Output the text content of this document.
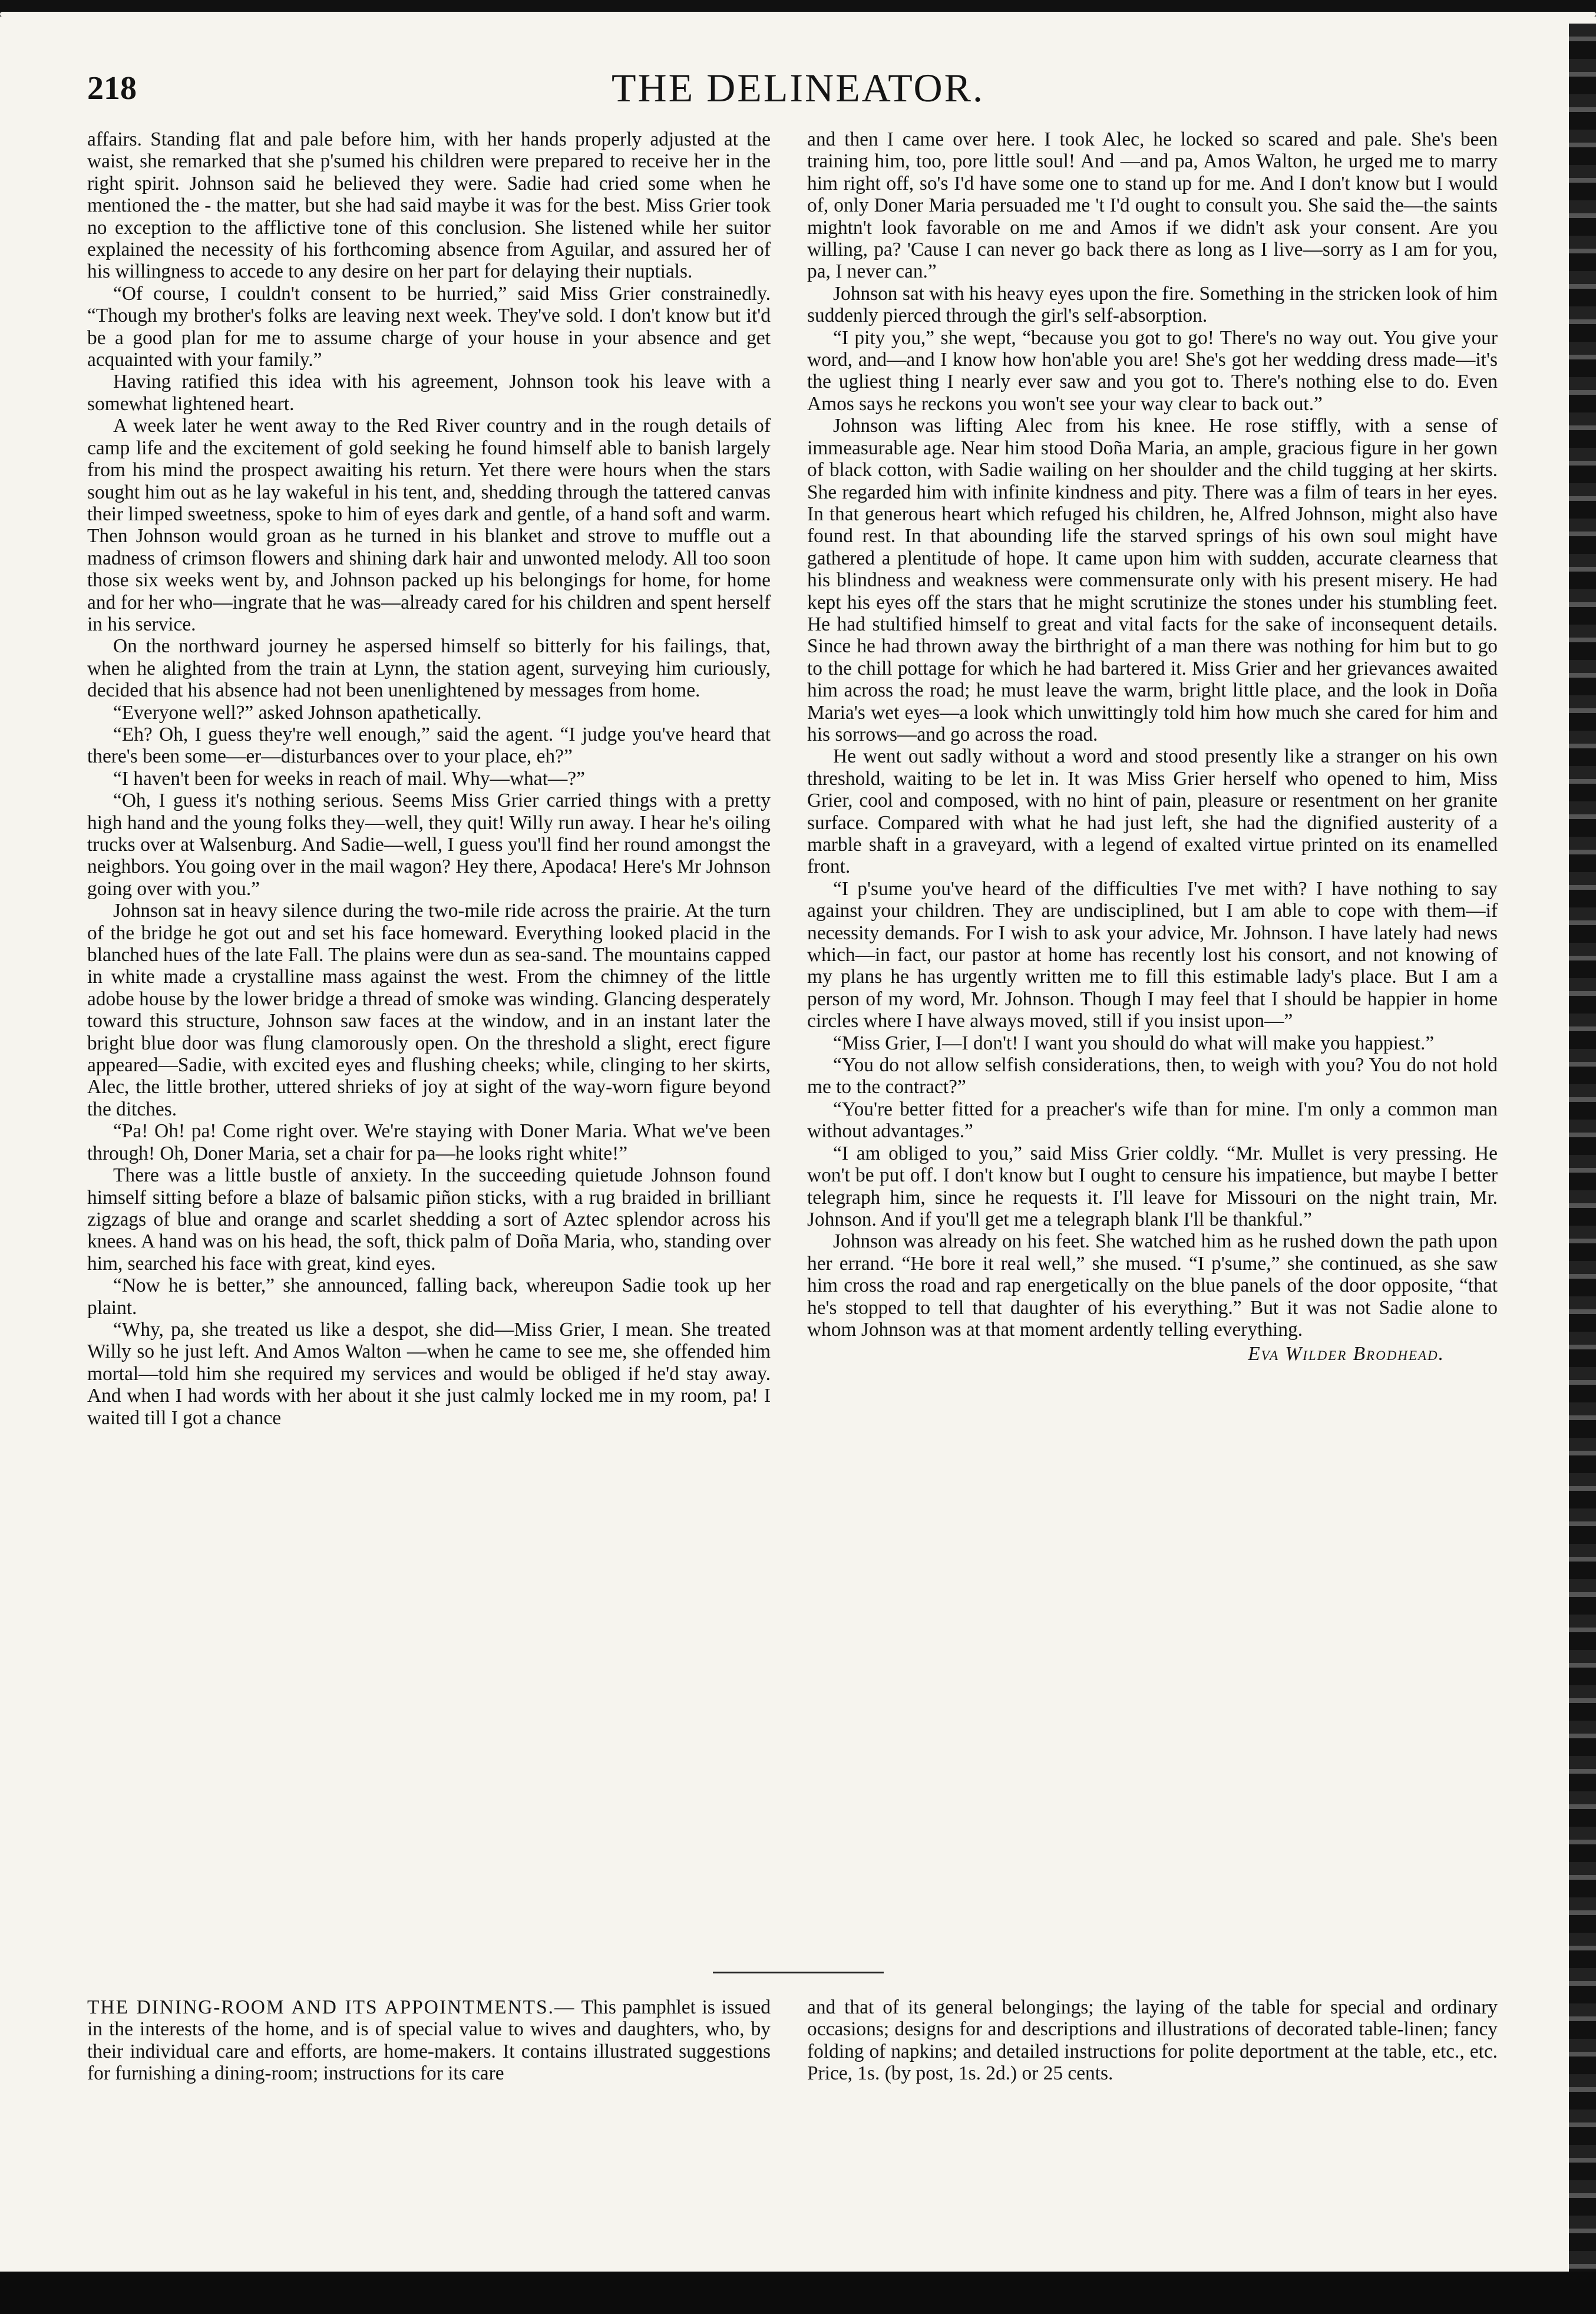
218	THE DELINEATOR.

affairs. Standing flat and pale before him, with her hands properly adjusted at the waist, she remarked that she p'sumed his children were prepared to receive her in the right spirit. Johnson said he believed they were. Sadie had cried some when he mentioned the - the matter, but she had said maybe it was for the best. Miss Grier took no exception to the afflictive tone of this conclusion. She listened while her suitor explained the necessity of his forthcoming absence from Aguilar, and assured her of his willingness to accede to any desire on her part for delaying their nuptials.

“Of course, I couldn't consent to be hurried,” said Miss Grier constrainedly. “Though my brother's folks are leaving next week. They've sold. I don't know but it'd be a good plan for me to assume charge of your house in your absence and get acquainted with your family.”

Having ratified this idea with his agreement, Johnson took his leave with a somewhat lightened heart.

A week later he went away to the Red River country and in the rough details of camp life and the excitement of gold seeking he found himself able to banish largely from his mind the prospect awaiting his return. Yet there were hours when the stars sought him out as he lay wakeful in his tent, and, shedding through the tattered canvas their limped sweetness, spoke to him of eyes dark and gentle, of a hand soft and warm. Then Johnson would groan as he turned in his blanket and strove to muffle out a madness of crimson flowers and shining dark hair and unwonted melody. All too soon those six weeks went by, and Johnson packed up his belongings for home, for home and for her who—ingrate that he was—already cared for his children and spent herself in his service.

On the northward journey he aspersed himself so bitterly for his failings, that, when he alighted from the train at Lynn, the station agent, surveying him curiously, decided that his absence had not been unenlightened by messages from home.

“Everyone well?” asked Johnson apathetically.

“Eh? Oh, I guess they're well enough,” said the agent. “I judge you've heard that there's been some—er—disturbances over to your place, eh?”

“I haven't been for weeks in reach of mail. Why—what—?”

“Oh, I guess it's nothing serious. Seems Miss Grier carried things with a pretty high hand and the young folks they—well, they quit! Willy run away. I hear he's oiling trucks over at Walsenburg. And Sadie—well, I guess you'll find her round amongst the neighbors. You going over in the mail wagon? Hey there, Apodaca! Here's Mr Johnson going over with you.”

Johnson sat in heavy silence during the two-mile ride across the prairie. At the turn of the bridge he got out and set his face homeward. Everything looked placid in the blanched hues of the late Fall. The plains were dun as sea-sand. The mountains capped in white made a crystalline mass against the west. From the chimney of the little adobe house by the lower bridge a thread of smoke was winding. Glancing desperately toward this structure, Johnson saw faces at the window, and in an instant later the bright blue door was flung clamorously open. On the threshold a slight, erect figure appeared—Sadie, with excited eyes and flushing cheeks; while, clinging to her skirts, Alec, the little brother, uttered shrieks of joy at sight of the way-worn figure beyond the ditches.

“Pa! Oh! pa! Come right over. We're staying with Doner Maria. What we've been through! Oh, Doner Maria, set a chair for pa—he looks right white!”

There was a little bustle of anxiety. In the succeeding quietude Johnson found himself sitting before a blaze of balsamic piñon sticks, with a rug braided in brilliant zigzags of blue and orange and scarlet shedding a sort of Aztec splendor across his knees. A hand was on his head, the soft, thick palm of Doña Maria, who, standing over him, searched his face with great, kind eyes.

“Now he is better,” she announced, falling back, whereupon Sadie took up her plaint.

“Why, pa, she treated us like a despot, she did—Miss Grier, I mean. She treated Willy so he just left. And Amos Walton —when he came to see me, she offended him mortal—told him she required my services and would be obliged if he'd stay away. And when I had words with her about it she just calmly locked me in my room, pa! I waited till I got a chance

and then I came over here. I took Alec, he locked so scared and pale. She's been training him, too, pore little soul! And —and pa, Amos Walton, he urged me to marry him right off, so's I'd have some one to stand up for me. And I don't know but I would of, only Doner Maria persuaded me 't I'd ought to consult you. She said the—the saints mightn't look favorable on me and Amos if we didn't ask your consent. Are you willing, pa? 'Cause I can never go back there as long as I live—sorry as I am for you, pa, I never can.”

Johnson sat with his heavy eyes upon the fire. Something in the stricken look of him suddenly pierced through the girl's self-absorption.

“I pity you,” she wept, “because you got to go! There's no way out. You give your word, and—and I know how hon'able you are! She's got her wedding dress made—it's the ugliest thing I nearly ever saw and you got to. There's nothing else to do. Even Amos says he reckons you won't see your way clear to back out.”

Johnson was lifting Alec from his knee. He rose stiffly, with a sense of immeasurable age. Near him stood Doña Maria, an ample, gracious figure in her gown of black cotton, with Sadie wailing on her shoulder and the child tugging at her skirts. She regarded him with infinite kindness and pity. There was a film of tears in her eyes. In that generous heart which refuged his children, he, Alfred Johnson, might also have found rest. In that abounding life the starved springs of his own soul might have gathered a plentitude of hope. It came upon him with sudden, accurate clearness that his blindness and weakness were commensurate only with his present misery. He had kept his eyes off the stars that he might scrutinize the stones under his stumbling feet. He had stultified himself to great and vital facts for the sake of inconsequent details. Since he had thrown away the birthright of a man there was nothing for him but to go to the chill pottage for which he had bartered it. Miss Grier and her grievances awaited him across the road; he must leave the warm, bright little place, and the look in Doña Maria's wet eyes—a look which unwittingly told him how much she cared for him and his sorrows—and go across the road.

He went out sadly without a word and stood presently like a stranger on his own threshold, waiting to be let in. It was Miss Grier herself who opened to him, Miss Grier, cool and composed, with no hint of pain, pleasure or resentment on her granite surface. Compared with what he had just left, she had the dignified austerity of a marble shaft in a graveyard, with a legend of exalted virtue printed on its enamelled front.

“I p'sume you've heard of the difficulties I've met with? I have nothing to say against your children. They are undisciplined, but I am able to cope with them—if necessity demands. For I wish to ask your advice, Mr. Johnson. I have lately had news which—in fact, our pastor at home has recently lost his consort, and not knowing of my plans he has urgently written me to fill this estimable lady's place. But I am a person of my word, Mr. Johnson. Though I may feel that I should be happier in home circles where I have always moved, still if you insist upon—”

“Miss Grier, I—I don't! I want you should do what will make you happiest.”

“You do not allow selfish considerations, then, to weigh with you? You do not hold me to the contract?”

“You're better fitted for a preacher's wife than for mine. I'm only a common man without advantages.”

“I am obliged to you,” said Miss Grier coldly. “Mr. Mullet is very pressing. He won't be put off. I don't know but I ought to censure his impatience, but maybe I better telegraph him, since he requests it. I'll leave for Missouri on the night train, Mr. Johnson. And if you'll get me a telegraph blank I'll be thankful.”

Johnson was already on his feet. She watched him as he rushed down the path upon her errand. “He bore it real well,” she mused. “I p'sume,” she continued, as she saw him cross the road and rap energetically on the blue panels of the door opposite, “that he's stopped to tell that daughter of his everything.” But it was not Sadie alone to whom Johnson was at that moment ardently telling everything.

Eva Wilder Brodhead.
THE DINING-ROOM AND ITS APPOINTMENTS.— This pamphlet is issued in the interests of the home, and is of special value to wives and daughters, who, by their individual care and efforts, are home-makers. It contains illustrated suggestions for furnishing a dining-room; instructions for its care
and that of its general belongings; the laying of the table for special and ordinary occasions; designs for and descriptions and illustrations of decorated table-linen; fancy folding of napkins; and detailed instructions for polite deportment at the table, etc., etc. Price, 1s. (by post, 1s. 2d.) or 25 cents.
